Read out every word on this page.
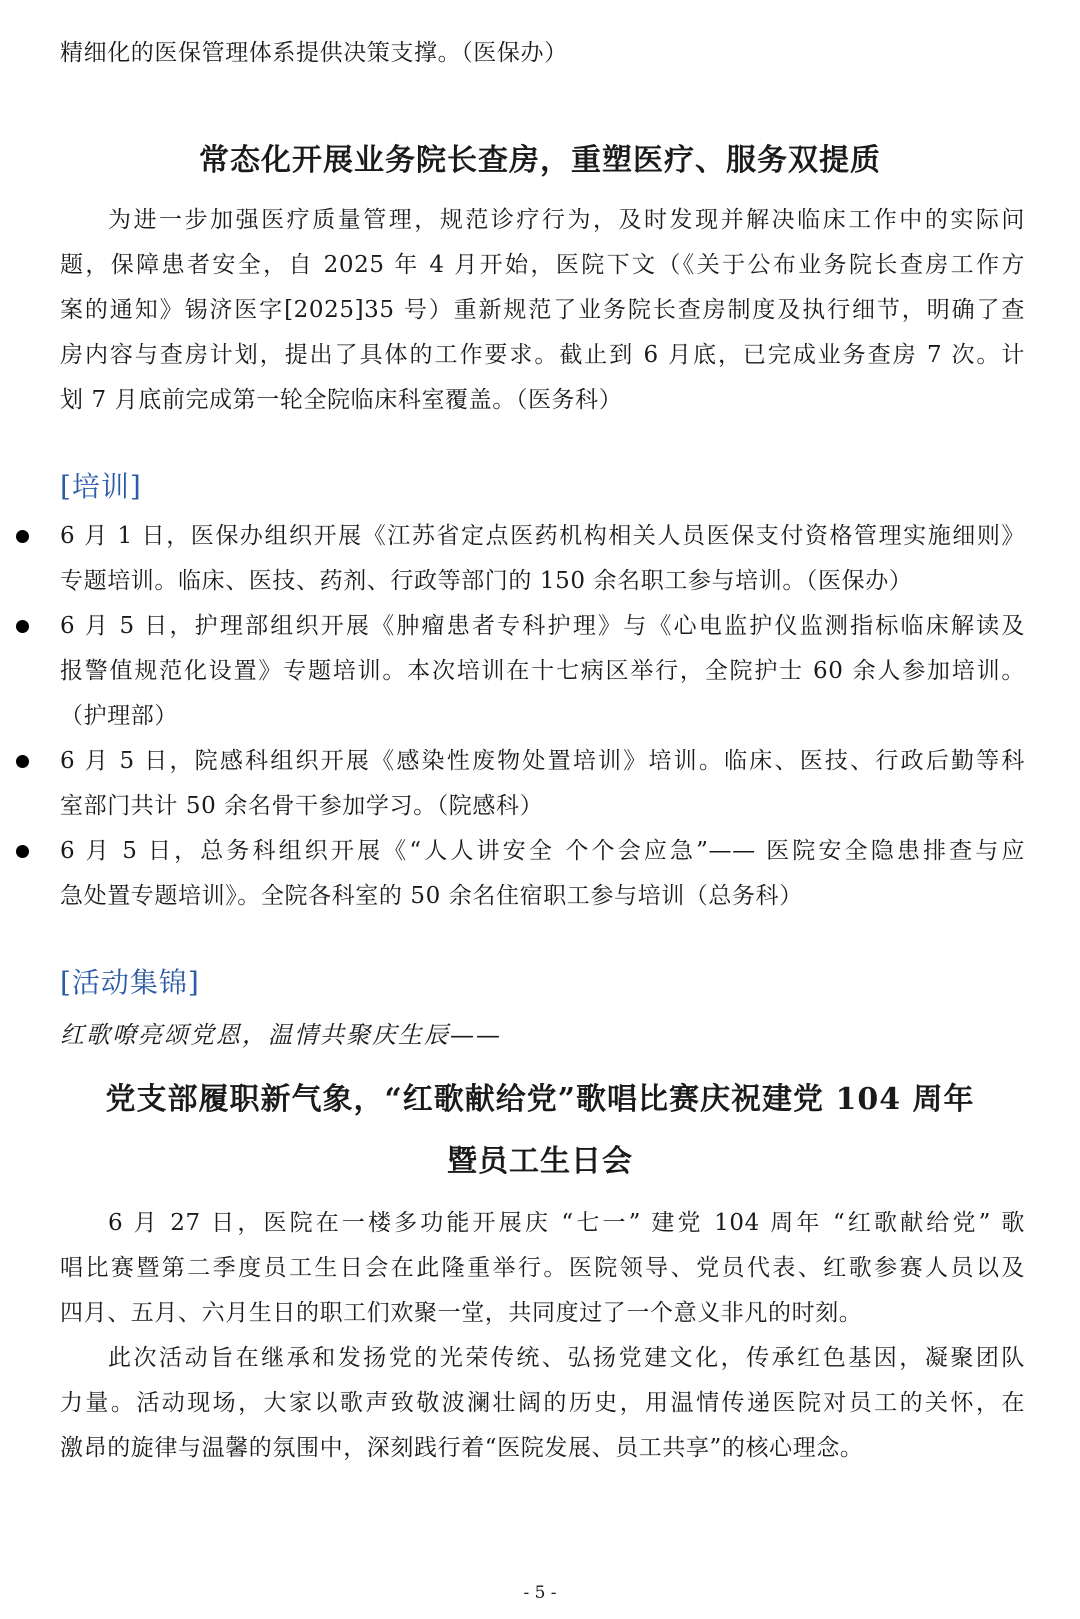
精细化的医保管理体系提供决策支撑。（医保办）
常态化开展业务院长查房，重塑医疗、服务双提质
为进一步加强医疗质量管理，规范诊疗行为，及时发现并解决临床工作中的实际问
题，保障患者安全，自 2025 年 4 月开始，医院下文（《关于公布业务院长查房工作方
案的通知》锡济医字[2025]35 号）重新规范了业务院长查房制度及执行细节，明确了查
房内容与查房计划，提出了具体的工作要求。截止到 6 月底，已完成业务查房 7 次。计
划 7 月底前完成第一轮全院临床科室覆盖。（医务科）
[培训]
6 月 1 日，医保办组织开展《江苏省定点医药机构相关人员医保支付资格管理实施细则》
专题培训。临床、医技、药剂、行政等部门的 150 余名职工参与培训。（医保办）
6 月 5 日，护理部组织开展《肿瘤患者专科护理》与《心电监护仪监测指标临床解读及
报警值规范化设置》专题培训。本次培训在十七病区举行，全院护士 60 余人参加培训。
（护理部）
6 月 5 日，院感科组织开展《感染性废物处置培训》培训。临床、医技、行政后勤等科
室部门共计 50 余名骨干参加学习。（院感科）
6 月 5 日，总务科组织开展《“人人讲安全 个个会应急”—— 医院安全隐患排查与应
急处置专题培训》。全院各科室的 50 余名住宿职工参与培训（总务科）
[活动集锦]
红歌嘹亮颂党恩，温情共聚庆生辰——
党支部履职新气象，“红歌献给党”歌唱比赛庆祝建党 104 周年
暨员工生日会
6 月 27 日，医院在一楼多功能开展庆 “七一” 建党 104 周年 “红歌献给党” 歌
唱比赛暨第二季度员工生日会在此隆重举行。医院领导、党员代表、红歌参赛人员以及
四月、五月、六月生日的职工们欢聚一堂，共同度过了一个意义非凡的时刻。
此次活动旨在继承和发扬党的光荣传统、弘扬党建文化，传承红色基因，凝聚团队
力量。活动现场，大家以歌声致敬波澜壮阔的历史，用温情传递医院对员工的关怀，在
激昂的旋律与温馨的氛围中，深刻践行着“医院发展、员工共享”的核心理念。
- 5 -
